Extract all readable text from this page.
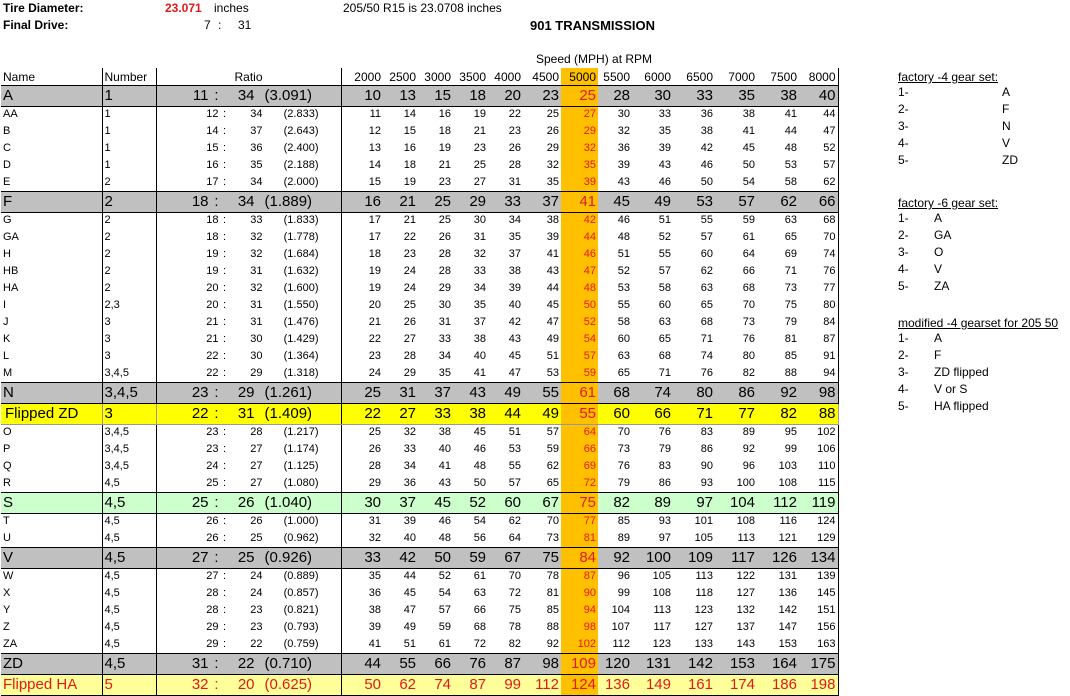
Tire Diameter:	23.071 inches	205/50 R15 is 23.0708 inches
Final Drive:	7 : 31	901 TRANSMISSION
Speed (MPH) at RPM
Name	Number	Ratio	2000	2500	3000	3500	4000	4500	5000	5500	6000	6500	7000	7500	8000
A	1	11 : 34 (3.091)	10	13	15	18	20	23	25	28	30	33	35	38	40
AA	1	12 : 34 (2.833)	11	14	16	19	22	25	27	30	33	36	38	41	44
B	1	14 : 37 (2.643)	12	15	18	21	23	26	29	32	35	38	41	44	47
C	1	15 : 36 (2.400)	13	16	19	23	26	29	32	36	39	42	45	48	52
D	1	16 : 35 (2.188)	14	18	21	25	28	32	35	39	43	46	50	53	57
E	2	17 : 34 (2.000)	15	19	23	27	31	35	39	43	46	50	54	58	62
F	2	18 : 34 (1.889)	16	21	25	29	33	37	41	45	49	53	57	62	66
G	2	18 : 33 (1.833)	17	21	25	30	34	38	42	46	51	55	59	63	68
GA	2	18 : 32 (1.778)	17	22	26	31	35	39	44	48	52	57	61	65	70
H	2	19 : 32 (1.684)	18	23	28	32	37	41	46	51	55	60	64	69	74
HB	2	19 : 31 (1.632)	19	24	28	33	38	43	47	52	57	62	66	71	76
HA	2	20 : 32 (1.600)	19	24	29	34	39	44	48	53	58	63	68	73	77
I	2,3	20 : 31 (1.550)	20	25	30	35	40	45	50	55	60	65	70	75	80
J	3	21 : 31 (1.476)	21	26	31	37	42	47	52	58	63	68	73	79	84
K	3	21 : 30 (1.429)	22	27	33	38	43	49	54	60	65	71	76	81	87
L	3	22 : 30 (1.364)	23	28	34	40	45	51	57	63	68	74	80	85	91
M	3,4,5	22 : 29 (1.318)	24	29	35	41	47	53	59	65	71	76	82	88	94
N	3,4,5	23 : 29 (1.261)	25	31	37	43	49	55	61	68	74	80	86	92	98
Flipped ZD	3	22 : 31 (1.409)	22	27	33	38	44	49	55	60	66	71	77	82	88
O	3,4,5	23 : 28 (1.217)	25	32	38	45	51	57	64	70	76	83	89	95	102
P	3,4,5	23 : 27 (1.174)	26	33	40	46	53	59	66	73	79	86	92	99	106
Q	3,4,5	24 : 27 (1.125)	28	34	41	48	55	62	69	76	83	90	96	103	110
R	4,5	25 : 27 (1.080)	29	36	43	50	57	65	72	79	86	93	100	108	115
S	4,5	25 : 26 (1.040)	30	37	45	52	60	67	75	82	89	97	104	112	119
T	4,5	26 : 26 (1.000)	31	39	46	54	62	70	77	85	93	101	108	116	124
U	4,5	26 : 25 (0.962)	32	40	48	56	64	73	81	89	97	105	113	121	129
V	4,5	27 : 25 (0.926)	33	42	50	59	67	75	84	92	100	109	117	126	134
W	4,5	27 : 24 (0.889)	35	44	52	61	70	78	87	96	105	113	122	131	139
X	4,5	28 : 24 (0.857)	36	45	54	63	72	81	90	99	108	118	127	136	145
Y	4,5	28 : 23 (0.821)	38	47	57	66	75	85	94	104	113	123	132	142	151
Z	4,5	29 : 23 (0.793)	39	49	59	68	78	88	98	107	117	127	137	147	156
ZA	4,5	29 : 22 (0.759)	41	51	61	72	82	92	102	112	123	133	143	153	163
ZD	4,5	31 : 22 (0.710)	44	55	66	76	87	98	109	120	131	142	153	164	175
Flipped HA	5	32 : 20 (0.625)	50	62	74	87	99	112	124	136	149	161	174	186	198
factory -4 gear set:
1-	A
2-	F
3-	N
4-	V
5-	ZD
factory -6 gear set:
1- A
2- GA
3- O
4- V
5- ZA
modified -4 gearset for 205 50
1- A
2- F
3- ZD flipped
4- V or S
5- HA flipped
